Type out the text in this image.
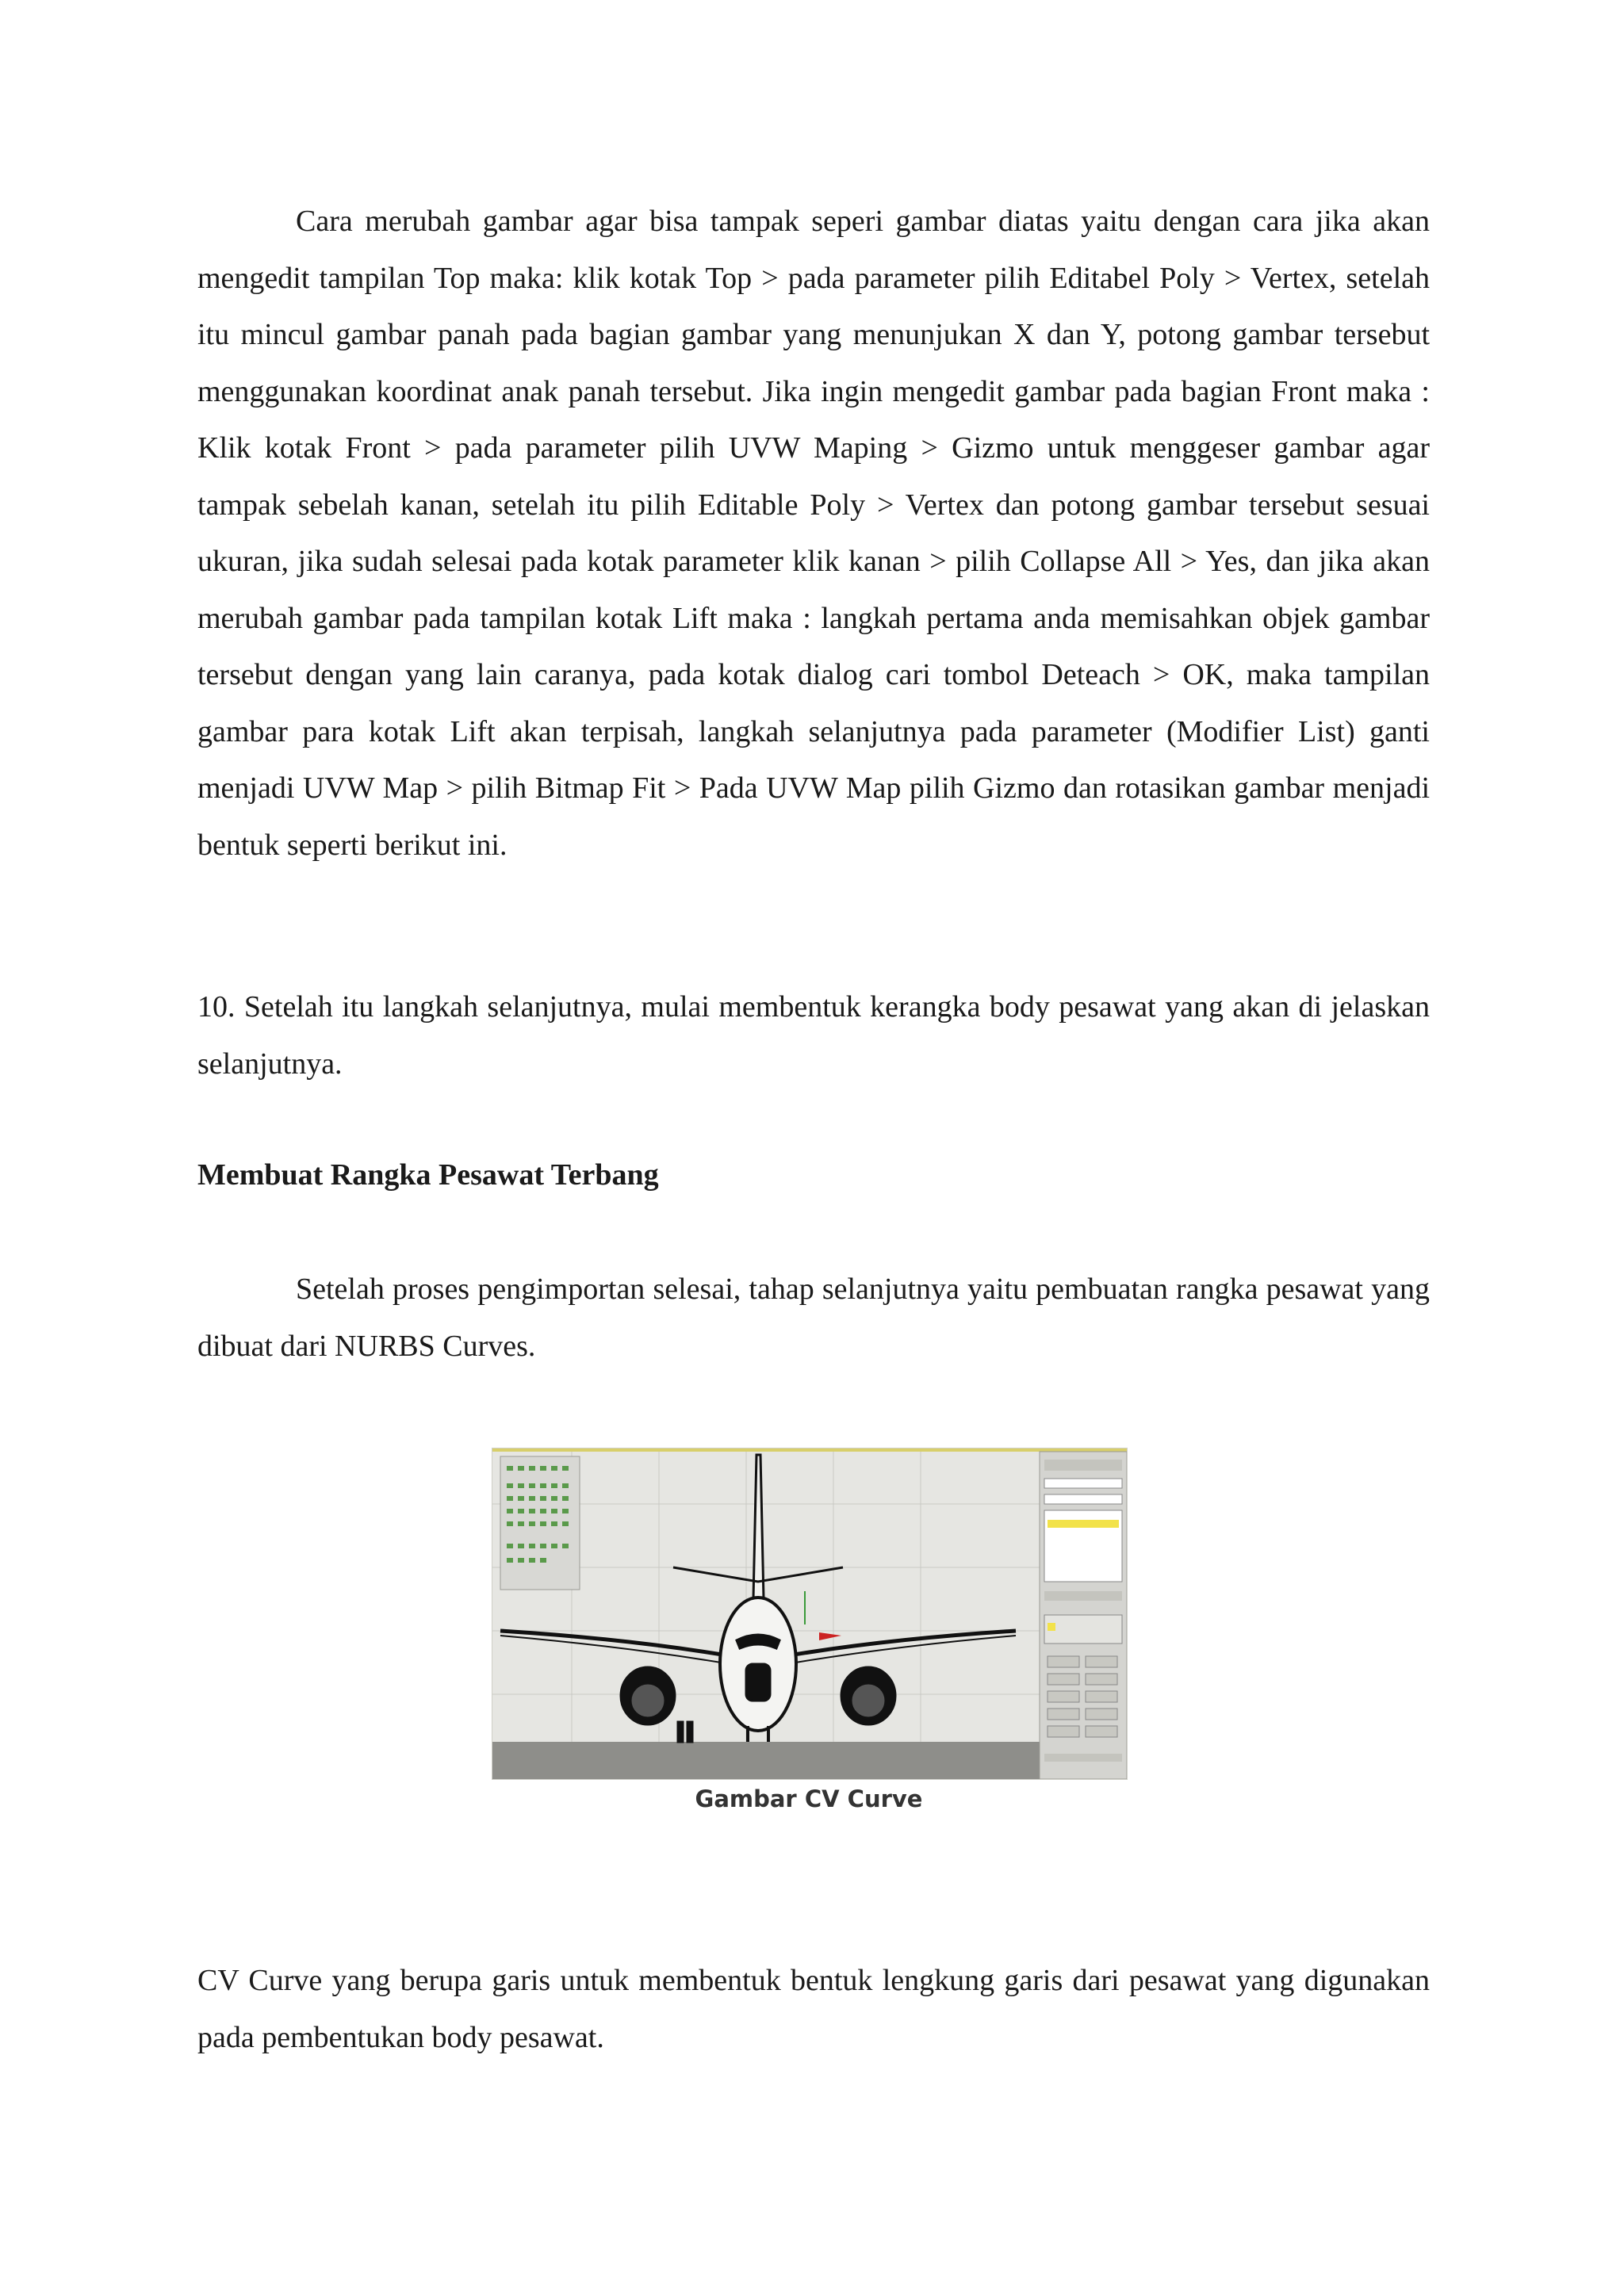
Cara merubah gambar agar bisa tampak seperi gambar diatas yaitu dengan cara jika akan mengedit tampilan Top maka: klik kotak Top > pada parameter pilih Editabel Poly > Vertex, setelah itu mincul gambar panah pada bagian gambar yang menunjukan X dan Y, potong gambar tersebut menggunakan koordinat anak panah tersebut. Jika ingin mengedit gambar pada bagian Front maka : Klik kotak Front > pada parameter pilih UVW Maping > Gizmo untuk menggeser gambar agar tampak sebelah kanan, setelah itu pilih Editable Poly > Vertex dan potong gambar tersebut sesuai ukuran, jika sudah selesai pada kotak parameter klik kanan > pilih Collapse All > Yes, dan jika akan merubah gambar pada tampilan kotak Lift maka : langkah pertama anda memisahkan objek gambar tersebut dengan yang lain caranya, pada kotak dialog cari tombol Deteach > OK, maka tampilan gambar para kotak Lift akan terpisah, langkah selanjutnya pada parameter (Modifier List) ganti menjadi UVW Map > pilih Bitmap Fit > Pada UVW Map pilih Gizmo dan rotasikan gambar menjadi bentuk seperti berikut ini.

10. Setelah itu langkah selanjutnya, mulai membentuk kerangka body pesawat yang akan di jelaskan selanjutnya.

Membuat Rangka Pesawat Terbang

Setelah proses pengimportan selesai, tahap selanjutnya yaitu pembuatan rangka pesawat yang dibuat dari NURBS Curves.

Gambar CV Curve

CV Curve yang berupa garis untuk membentuk bentuk lengkung garis dari pesawat yang digunakan pada pembentukan body pesawat.
